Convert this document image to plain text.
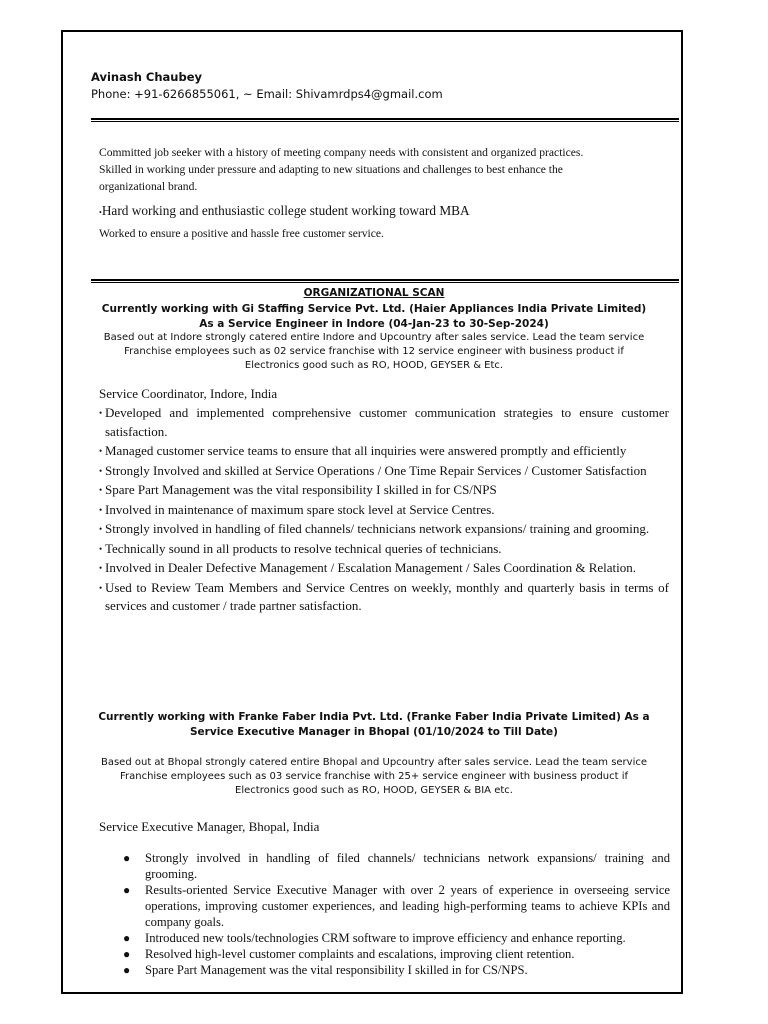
Avinash Chaubey
Phone: +91-6266855061, ~ Email: Shivamrdps4@gmail.com

Committed job seeker with a history of meeting company needs with consistent and organized practices.

Skilled in working under pressure and adapting to new situations and challenges to best enhance the

organizational brand.

•Hard working and enthusiastic college student working toward MBA
Worked to ensure a positive and hassle free customer service.
ORGANIZATIONAL SCAN
Currently working with Gi Staffing Service Pvt. Ltd. (Haier Appliances India Private Limited)
As a Service Engineer in Indore (04-Jan-23 to 30-Sep-2024)
Based out at Indore strongly catered entire Indore and Upcountry after sales service. Lead the team service
Franchise employees such as 02 service franchise with 12 service engineer with business product if
Electronics good such as RO, HOOD, GEYSER & Etc.
Service Coordinator, Indore, India
• Developed and implemented comprehensive customer communication strategies to ensure customer satisfaction.
• Managed customer service teams to ensure that all inquiries were answered promptly and efficiently
• Strongly Involved and skilled at Service Operations / One Time Repair Services / Customer Satisfaction
• Spare Part Management was the vital responsibility I skilled in for CS/NPS
• Involved in maintenance of maximum spare stock level at Service Centres.
• Strongly involved in handling of filed channels/ technicians network expansions/ training and grooming.
• Technically sound in all products to resolve technical queries of technicians.
• Involved in Dealer Defective Management / Escalation Management / Sales Coordination & Relation.
• Used to Review Team Members and Service Centres on weekly, monthly and quarterly basis in terms of services and customer / trade partner satisfaction.
Currently working with Franke Faber India Pvt. Ltd. (Franke Faber India Private Limited) As a
Service Executive Manager in Bhopal (01/10/2024 to Till Date)
Based out at Bhopal strongly catered entire Bhopal and Upcountry after sales service. Lead the team service
Franchise employees such as 03 service franchise with 25+ service engineer with business product if
Electronics good such as RO, HOOD, GEYSER & BIA etc.
Service Executive Manager, Bhopal, India
● Strongly involved in handling of filed channels/ technicians network expansions/ training and grooming.
● Results-oriented Service Executive Manager with over 2 years of experience in overseeing service operations, improving customer experiences, and leading high-performing teams to achieve KPIs and company goals.
● Introduced new tools/technologies CRM software to improve efficiency and enhance reporting.
● Resolved high-level customer complaints and escalations, improving client retention.
● Spare Part Management was the vital responsibility I skilled in for CS/NPS.
